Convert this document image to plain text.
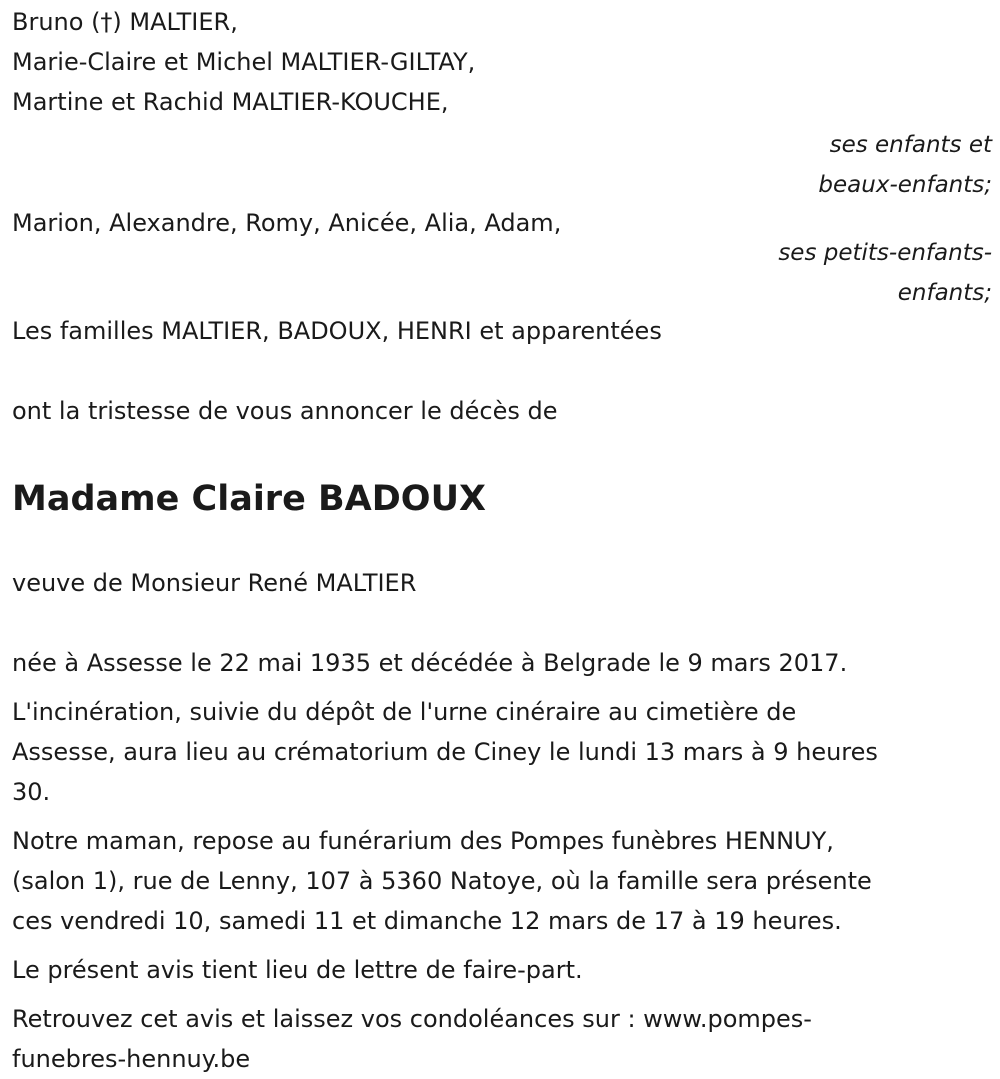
Bruno (†) MALTIER,
Marie-Claire et Michel MALTIER-GILTAY,
Martine et Rachid MALTIER-KOUCHE,
ses enfants et
beaux-enfants;
Marion, Alexandre, Romy, Anicée, Alia, Adam,
ses petits-enfants-
enfants;
Les familles MALTIER, BADOUX, HENRI et apparentées
ont la tristesse de vous annoncer le décès de
Madame Claire BADOUX
veuve de Monsieur René MALTIER
née à Assesse le 22 mai 1935 et décédée à Belgrade le 9 mars 2017.
L'incinération, suivie du dépôt de l'urne cinéraire au cimetière de
Assesse, aura lieu au crématorium de Ciney le lundi 13 mars à 9 heures
30.
Notre maman, repose au funérarium des Pompes funèbres HENNUY,
(salon 1), rue de Lenny, 107 à 5360 Natoye, où la famille sera présente
ces vendredi 10, samedi 11 et dimanche 12 mars de 17 à 19 heures.
Le présent avis tient lieu de lettre de faire-part.
Retrouvez cet avis et laissez vos condoléances sur : www.pompes-
funebres-hennuy.be
